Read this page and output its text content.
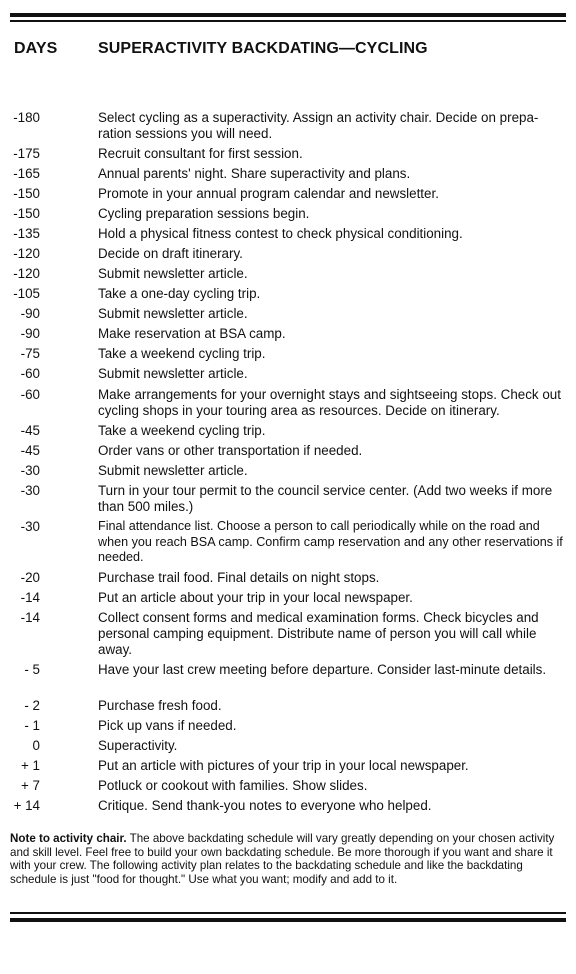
DAYS	SUPERACTIVITY BACKDATING—CYCLING
-180	Select cycling as a superactivity. Assign an activity chair. Decide on prepa-ration sessions you will need.
-175	Recruit consultant for first session.
-165	Annual parents' night. Share superactivity and plans.
-150	Promote in your annual program calendar and newsletter.
-150	Cycling preparation sessions begin.
-135	Hold a physical fitness contest to check physical conditioning.
-120	Decide on draft itinerary.
-120	Submit newsletter article.
-105	Take a one-day cycling trip.
-90	Submit newsletter article.
-90	Make reservation at BSA camp.
-75	Take a weekend cycling trip.
-60	Submit newsletter article.
-60	Make arrangements for your overnight stays and sightseeing stops. Check out cycling shops in your touring area as resources. Decide on itinerary.
-45	Take a weekend cycling trip.
-45	Order vans or other transportation if needed.
-30	Submit newsletter article.
-30	Turn in your tour permit to the council service center. (Add two weeks if more than 500 miles.)
-30	Final attendance list. Choose a person to call periodically while on the road and when you reach BSA camp. Confirm camp reservation and any other reservations if needed.
-20	Purchase trail food. Final details on night stops.
-14	Put an article about your trip in your local newspaper.
-14	Collect consent forms and medical examination forms. Check bicycles and personal camping equipment. Distribute name of person you will call while away.
- 5	Have your last crew meeting before departure. Consider last-minute details.
- 2	Purchase fresh food.
- 1	Pick up vans if needed.
0	Superactivity.
+ 1	Put an article with pictures of your trip in your local newspaper.
+ 7	Potluck or cookout with families. Show slides.
+ 14	Critique. Send thank-you notes to everyone who helped.
Note to activity chair. The above backdating schedule will vary greatly depending on your chosen activity and skill level. Feel free to build your own backdating schedule. Be more thorough if you want and share it with your crew. The following activity plan relates to the backdating schedule and like the backdating schedule is just "food for thought." Use what you want; modify and add to it.
